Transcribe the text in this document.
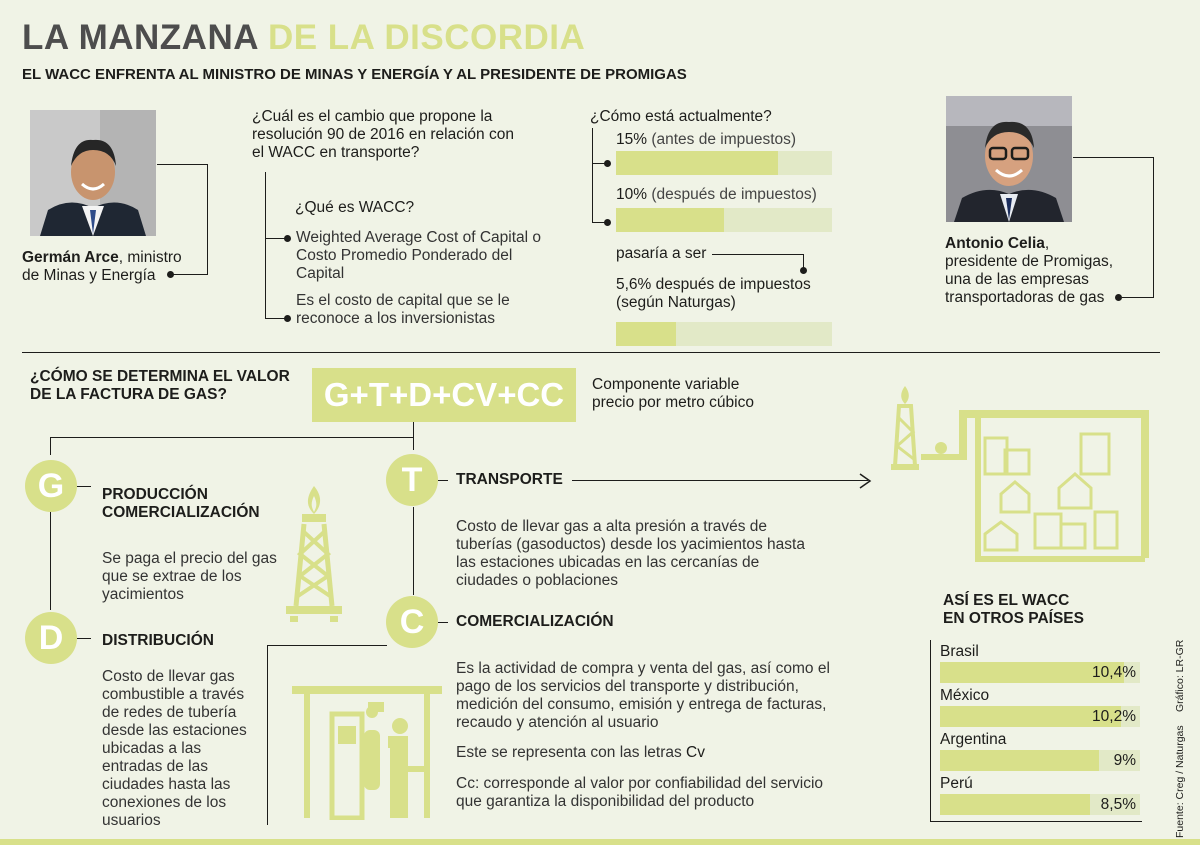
LA MANZANA DE LA DISCORDIA
EL WACC ENFRENTA AL MINISTRO DE MINAS Y ENERGÍA Y AL PRESIDENTE DE PROMIGAS
Germán Arce, ministro
de Minas y Energía
¿Cuál es el cambio que propone la
resolución 90 de 2016 en relación con
el WACC en transporte?
¿Qué es WACC?
Weighted Average Cost of Capital o
Costo Promedio Ponderado del
Capital
Es el costo de capital que se le
reconoce a los inversionistas
¿Cómo está actualmente?
15% (antes de impuestos)
10% (después de impuestos)
pasaría a ser
5,6% después de impuestos
(según Naturgas)
Antonio Celia,
presidente de Promigas,
una de las empresas
transportadoras de gas
¿CÓMO SE DETERMINA EL VALOR
DE LA FACTURA DE GAS?	G+T+D+CV+CC	Componente variable
precio por metro cúbico
G	PRODUCCIÓN
COMERCIALIZACIÓN
Se paga el precio del gas
que se extrae de los
yacimientos
T	TRANSPORTE
Costo de llevar gas a alta presión a través de
tuberías (gasoductos) desde los yacimientos hasta
las estaciones ubicadas en las cercanías de
ciudades o poblaciones
D	DISTRIBUCIÓN
Costo de llevar gas
combustible a través
de redes de tubería
desde las estaciones
ubicadas a las
entradas de las
ciudades hasta las
conexiones de los
usuarios
C	COMERCIALIZACIÓN
Es la actividad de compra y venta del gas, así como el
pago de los servicios del transporte y distribución,
medición del consumo, emisión y entrega de facturas,
recaudo y atención al usuario
Este se representa con las letras Cv
Cc: corresponde al valor por confiabilidad del servicio
que garantiza la disponibilidad del producto
ASÍ ES EL WACC
EN OTROS PAÍSES
Brasil
10,4%
México
10,2%
Argentina
9%
Perú
8,5%	Fuente: Creg / Naturgas
Gráfico: LR-GR
